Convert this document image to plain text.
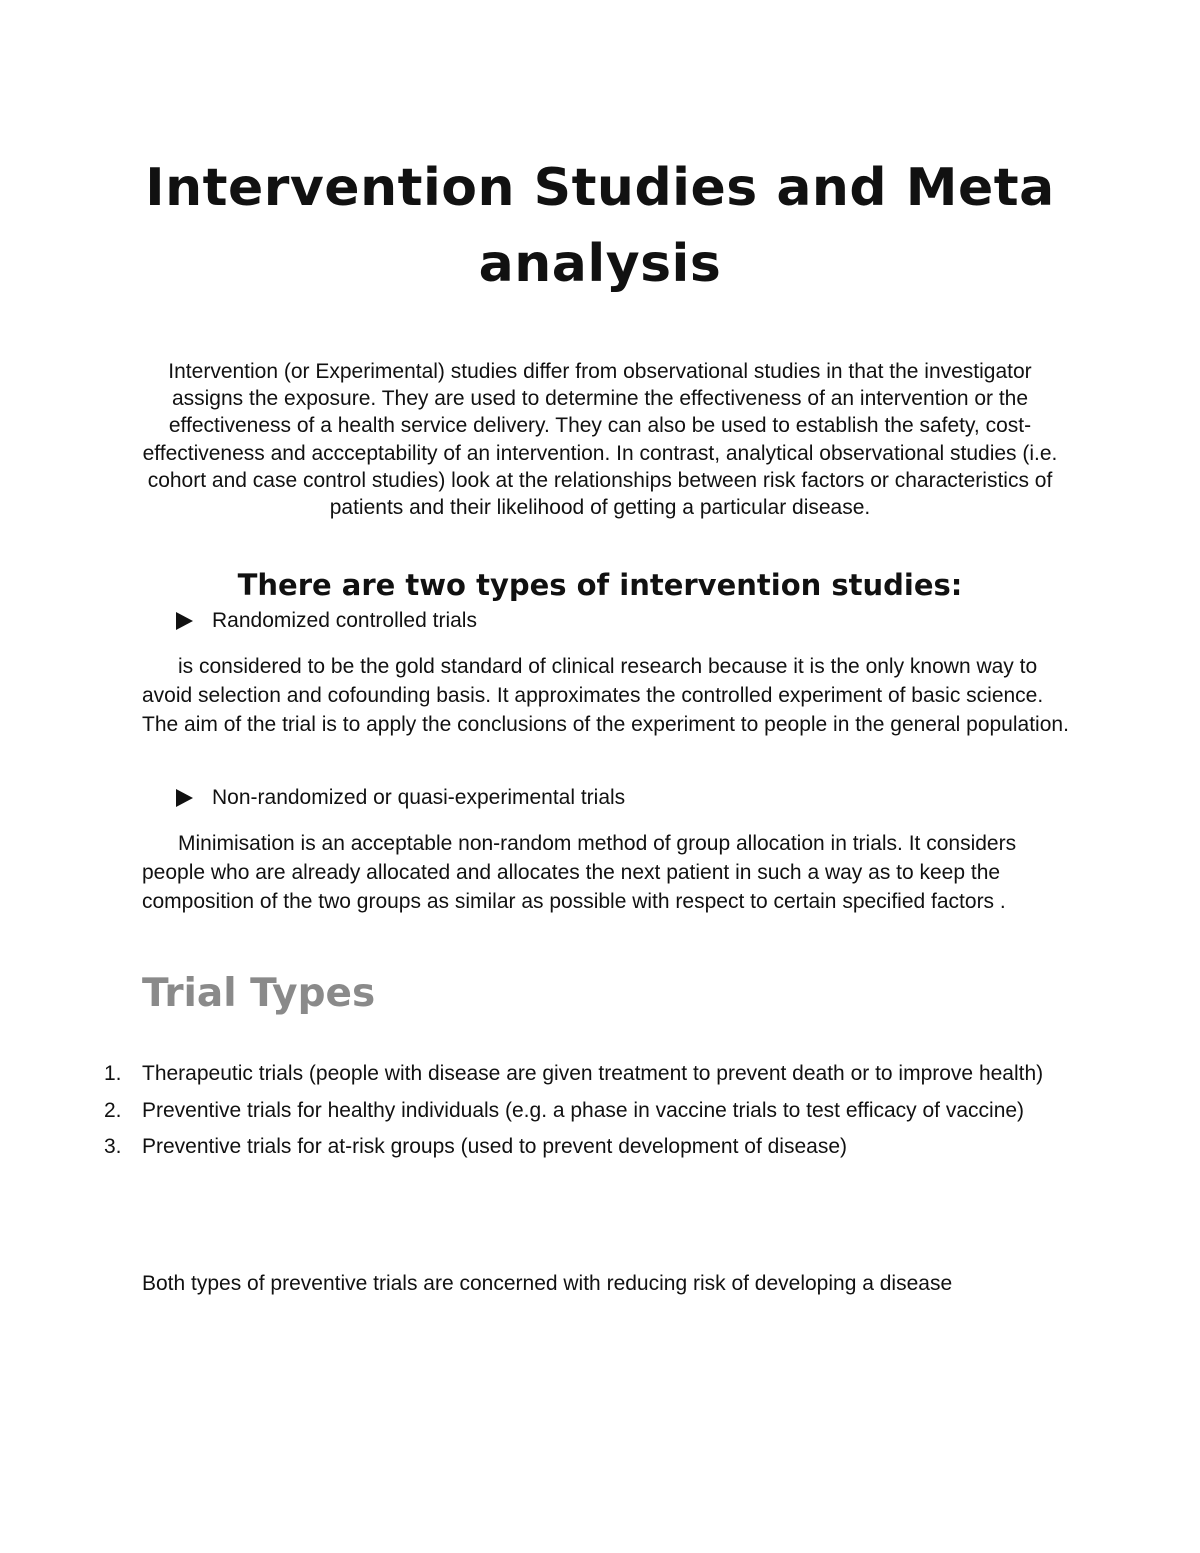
Intervention Studies and Meta analysis

Intervention (or Experimental) studies differ from observational studies in that the investigator assigns the exposure. They are used to determine the effectiveness of an intervention or the effectiveness of a health service delivery. They can also be used to establish the safety, cost-effectiveness and accceptability of an intervention. In contrast, analytical observational studies (i.e. cohort and case control studies) look at the relationships between risk factors or characteristics of patients and their likelihood of getting a particular disease.

There are two types of intervention studies:
Randomized controlled trials

is considered to be the gold standard of clinical research because it is the only known way to avoid selection and cofounding basis. It approximates the controlled experiment of basic science. The aim of the trial is to apply the conclusions of the experiment to people in the general population.

Non-randomized or quasi-experimental trials

Minimisation is an acceptable non-random method of group allocation in trials. It considers people who are already allocated and allocates the next patient in such a way as to keep the composition of the two groups as similar as possible with respect to certain specified factors .

Trial Types
1. Therapeutic trials (people with disease are given treatment to prevent death or to improve health)
2. Preventive trials for healthy individuals (e.g. a phase in vaccine trials to test efficacy of vaccine)
3. Preventive trials for at-risk groups (used to prevent development of disease)

Both types of preventive trials are concerned with reducing risk of developing a disease
